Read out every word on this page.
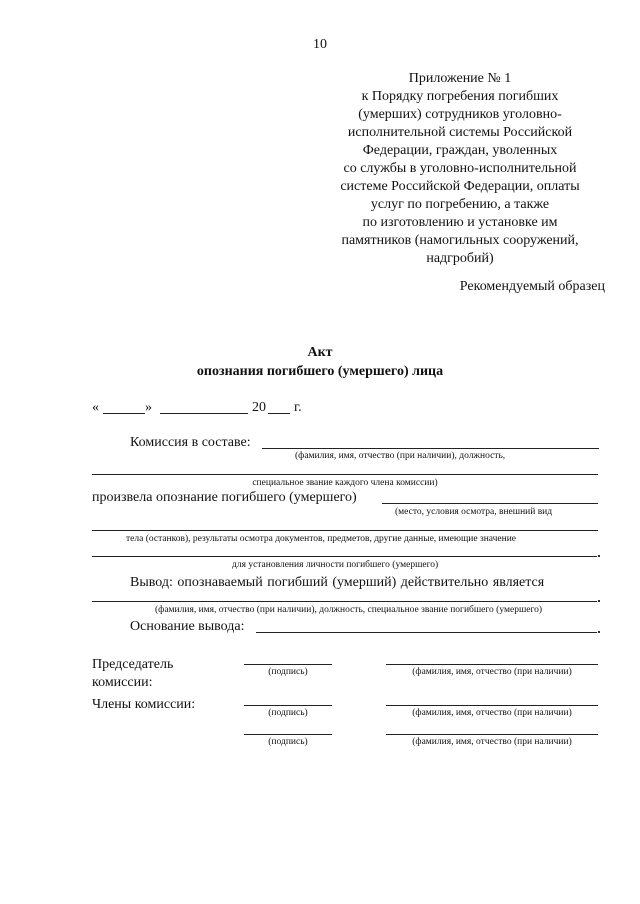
10
Приложение № 1
к Порядку погребения погибших
(умерших) сотрудников уголовно-
исполнительной системы Российской
Федерации, граждан, уволенных
со службы в уголовно-исполнительной
системе Российской Федерации, оплаты
услуг по погребению, а также
по изготовлению и установке им
памятников (намогильных сооружений,
надгробий)
Рекомендуемый образец
Акт
опознания погибшего (умершего) лица
«	»	20 г.
Комиссия в составе:
(фамилия, имя, отчество (при наличии), должность,
специальное звание каждого члена комиссии)
произвела опознание погибшего (умершего)
(место, условия осмотра, внешний вид
тела (останков), результаты осмотра документов, предметов, другие данные, имеющие значение
для установления личности погибшего (умершего)
Вывод: опознаваемый погибший (умерший) действительно является
(фамилия, имя, отчество (при наличии), должность, специальное звание погибшего (умершего)
Основание вывода:
Председатель
комиссии:
(подпись)	(фамилия, имя, отчество (при наличии)
Члены комиссии:
(подпись)	(фамилия, имя, отчество (при наличии)
(подпись)	(фамилия, имя, отчество (при наличии)
